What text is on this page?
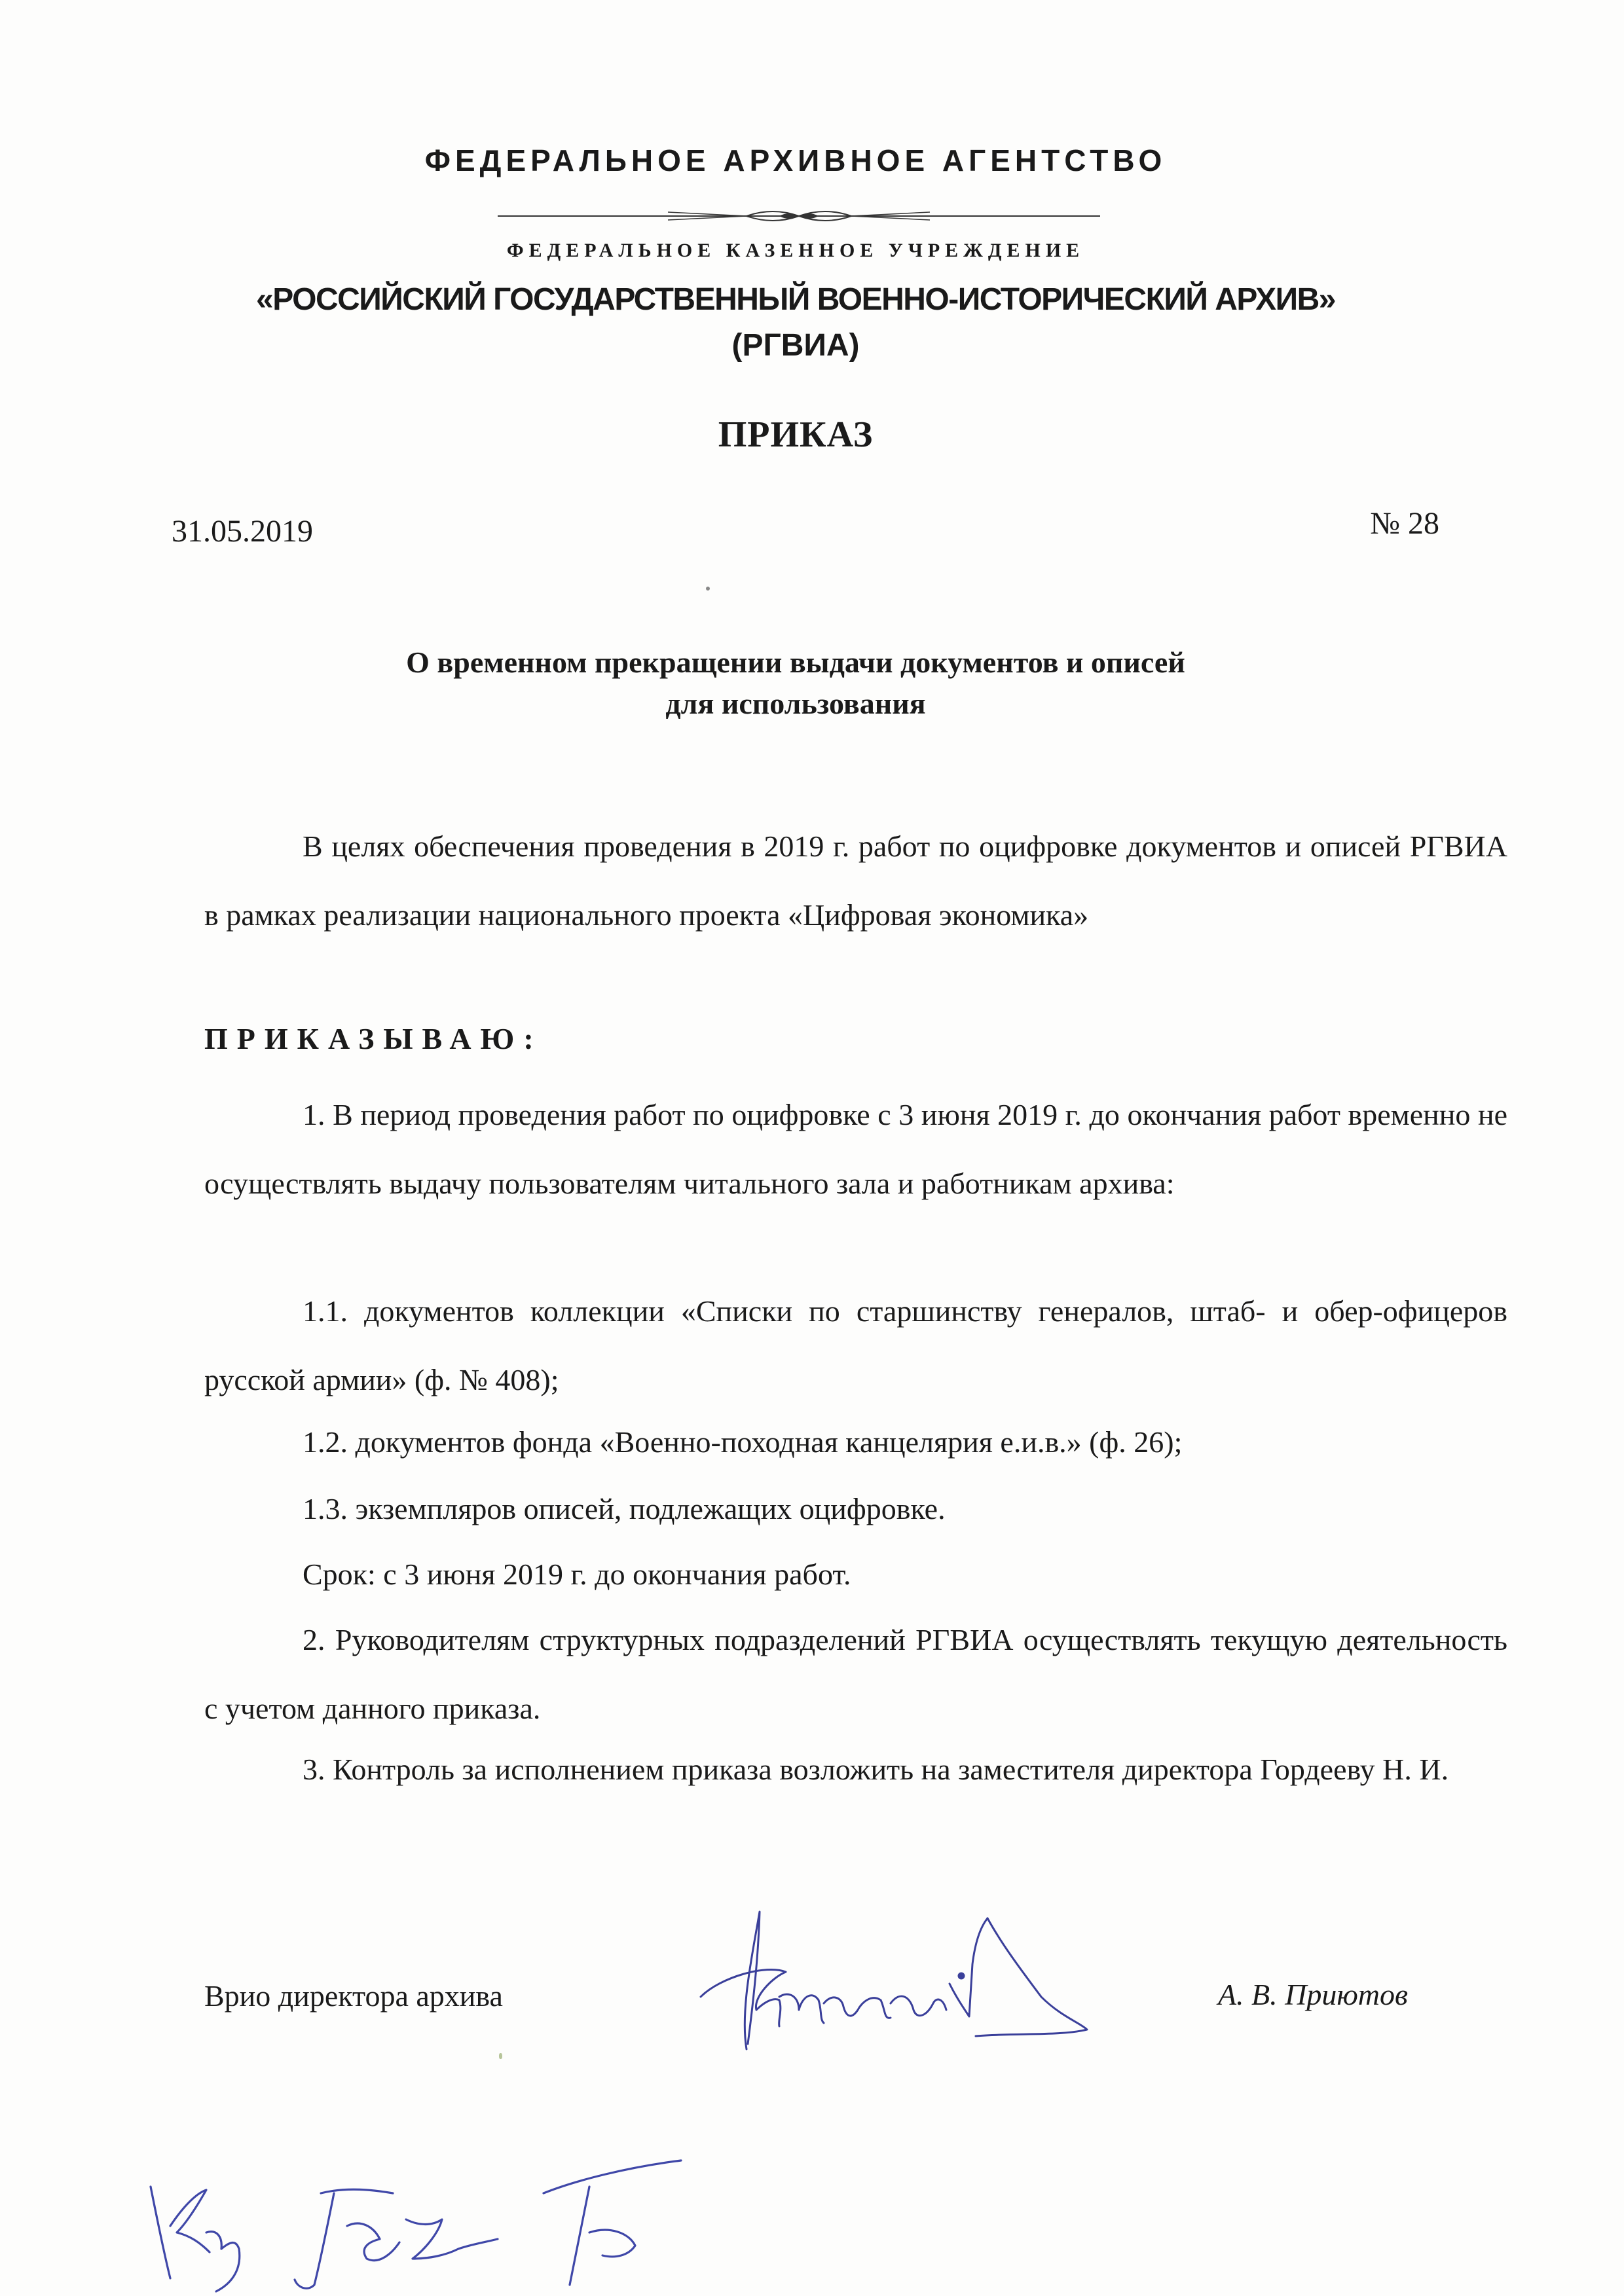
ФЕДЕРАЛЬНОЕ АРХИВНОЕ АГЕНТСТВО
ФЕДЕРАЛЬНОЕ КАЗЕННОЕ УЧРЕЖДЕНИЕ
«РОССИЙСКИЙ ГОСУДАРСТВЕННЫЙ ВОЕННО-ИСТОРИЧЕСКИЙ АРХИВ»
(РГВИА)
ПРИКАЗ
31.05.2019	№ 28
О временном прекращении выдачи документов и описей
для использования
В целях обеспечения проведения в 2019 г. работ по оцифровке документов и описей РГВИА в рамках реализации национального проекта «Цифровая экономика»
ПРИКАЗЫВАЮ:
1. В период проведения работ по оцифровке с 3 июня 2019 г. до окончания работ временно не осуществлять выдачу пользователям читального зала и работникам архива:
1.1. документов коллекции «Списки по старшинству генералов, штаб- и обер-офицеров русской армии» (ф. № 408);
1.2. документов фонда «Военно-походная канцелярия е.и.в.» (ф. 26);
1.3. экземпляров описей, подлежащих оцифровке.
Срок: с 3 июня 2019 г. до окончания работ.
2. Руководителям структурных подразделений РГВИА осуществлять текущую деятельность с учетом данного приказа.
3. Контроль за исполнением приказа возложить на заместителя директора Гордееву Н. И.
Врио директора архива	А. В. Приютов
